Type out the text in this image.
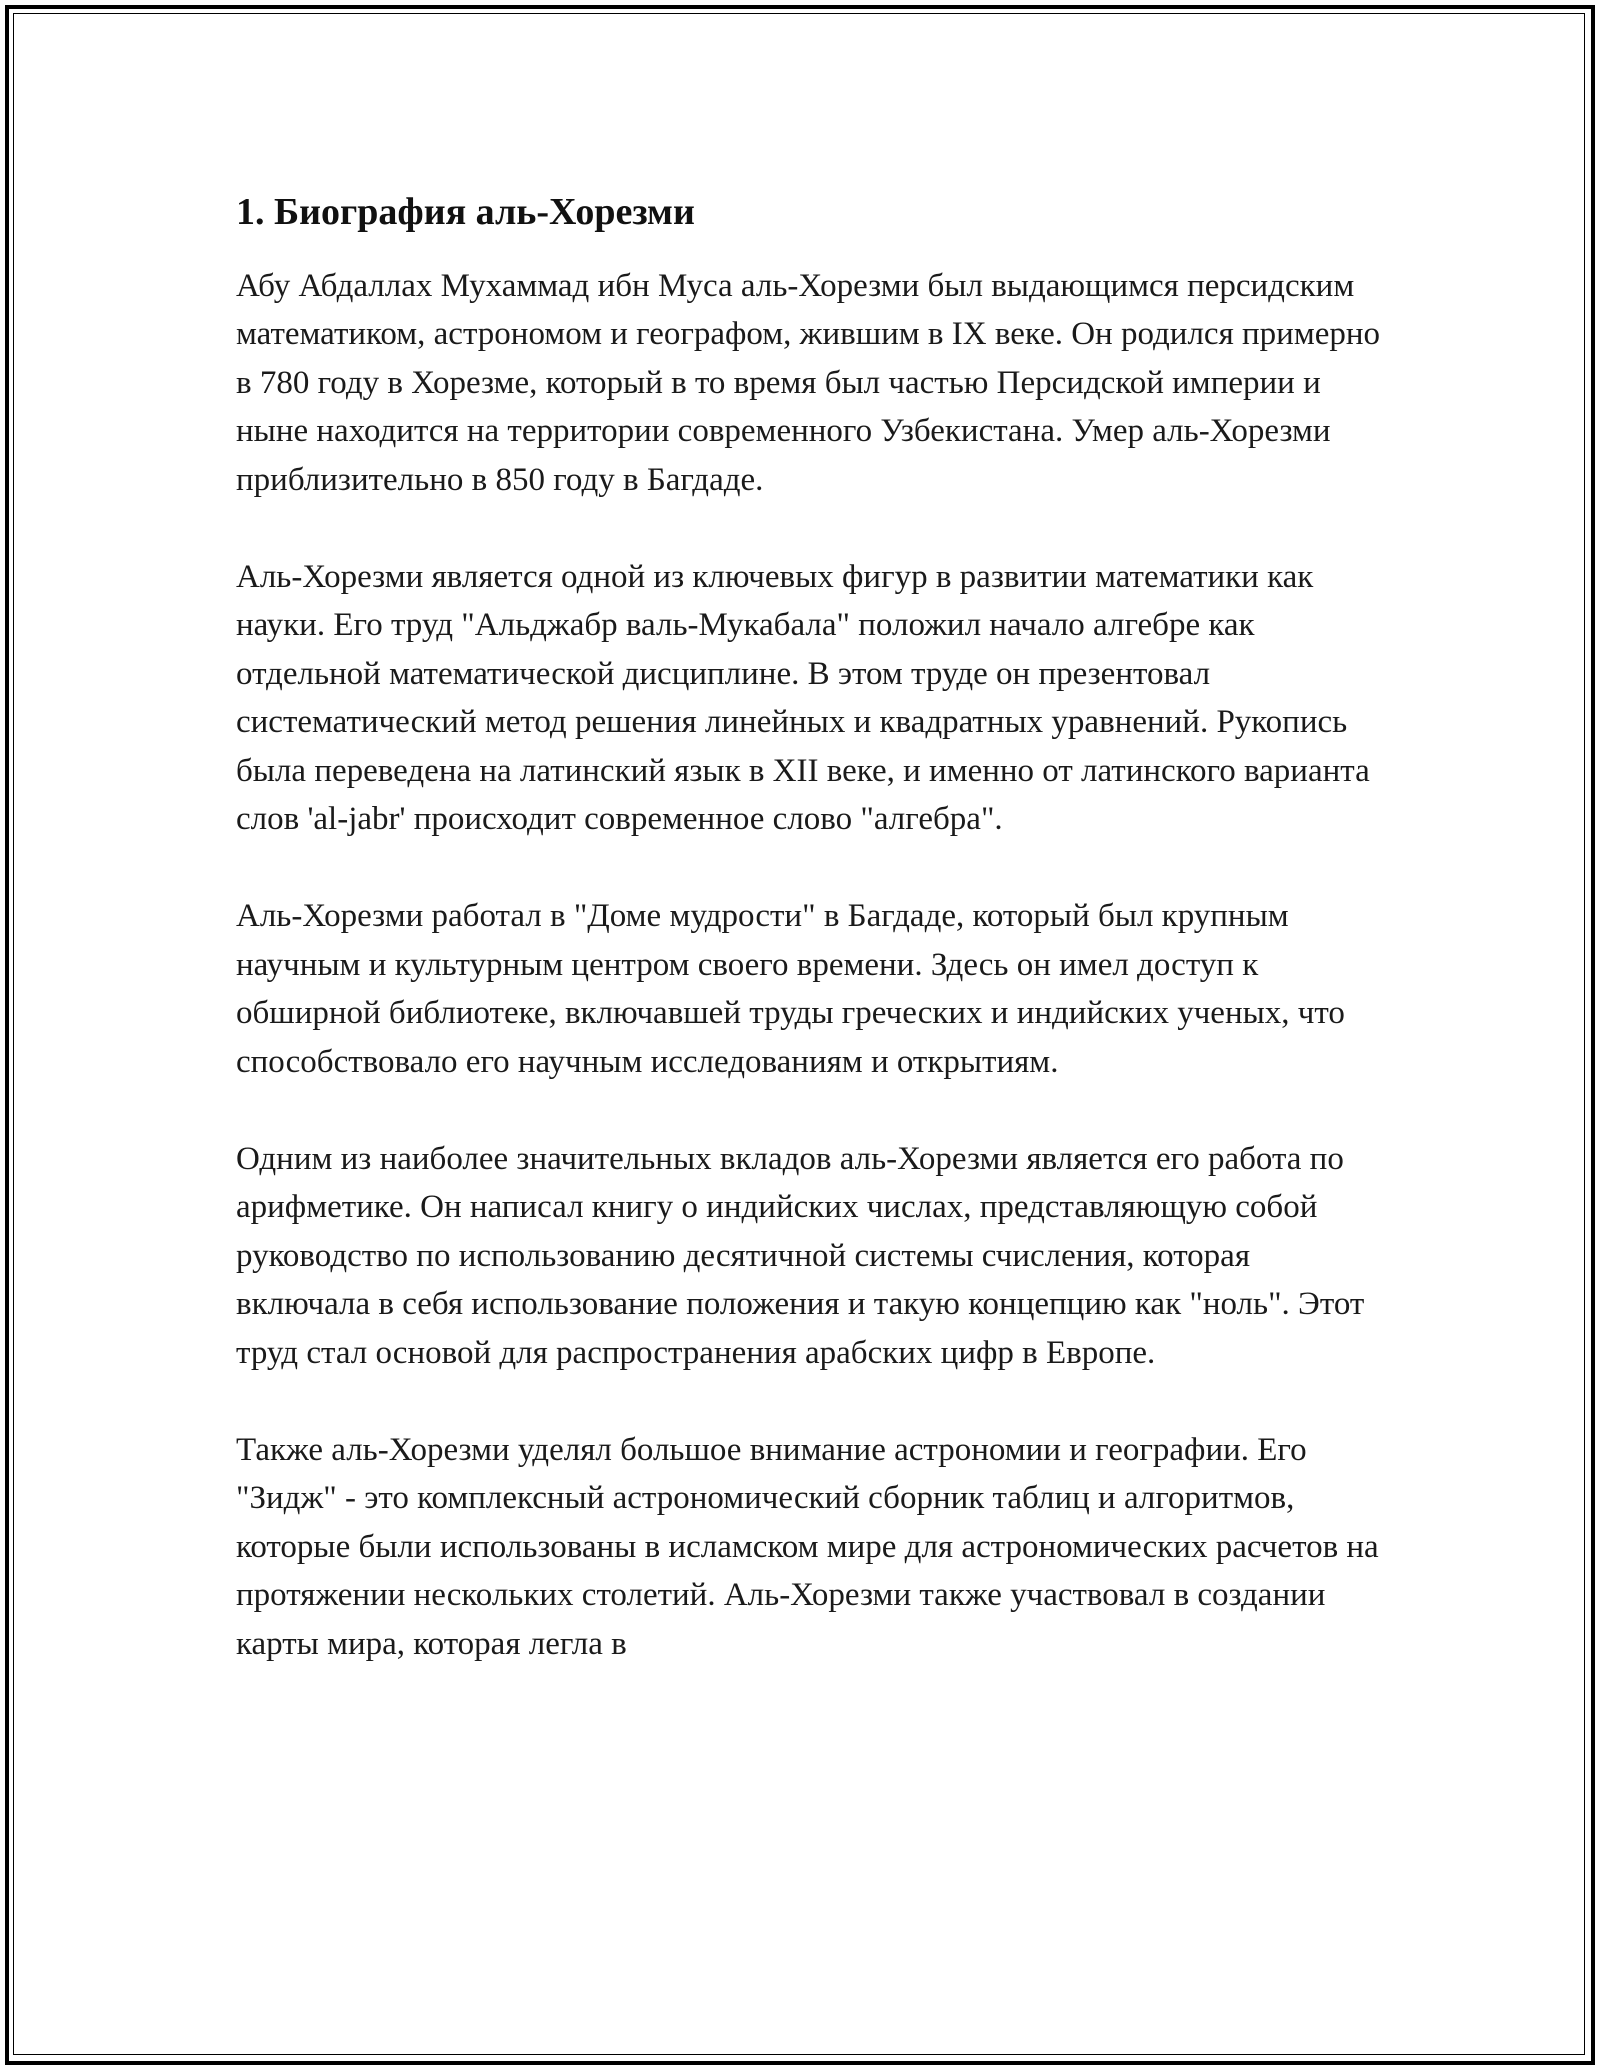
1. Биография аль-Хорезми

Абу Абдаллах Мухаммад ибн Муса аль-Хорезми был выдающимся персидским математиком, астрономом и географом, жившим в IX веке. Он родился примерно в 780 году в Хорезме, который в то время был частью Персидской империи и ныне находится на территории современного Узбекистана. Умер аль-Хорезми приблизительно в 850 году в Багдаде.

Аль-Хорезми является одной из ключевых фигур в развитии математики как науки. Его труд "Альджабр валь-Мукабала" положил начало алгебре как отдельной математической дисциплине. В этом труде он презентовал систематический метод решения линейных и квадратных уравнений. Рукопись была переведена на латинский язык в XII веке, и именно от латинского варианта слов 'al-jabr' происходит современное слово "алгебра".

Аль-Хорезми работал в "Доме мудрости" в Багдаде, который был крупным научным и культурным центром своего времени. Здесь он имел доступ к обширной библиотеке, включавшей труды греческих и индийских ученых, что способствовало его научным исследованиям и открытиям.

Одним из наиболее значительных вкладов аль-Хорезми является его работа по арифметике. Он написал книгу о индийских числах, представляющую собой руководство по использованию десятичной системы счисления, которая включала в себя использование положения и такую концепцию как "ноль". Этот труд стал основой для распространения арабских цифр в Европе.

Также аль-Хорезми уделял большое внимание астрономии и географии. Его "Зидж" - это комплексный астрономический сборник таблиц и алгоритмов, которые были использованы в исламском мире для астрономических расчетов на протяжении нескольких столетий. Аль-Хорезми также участвовал в создании карты мира, которая легла в
